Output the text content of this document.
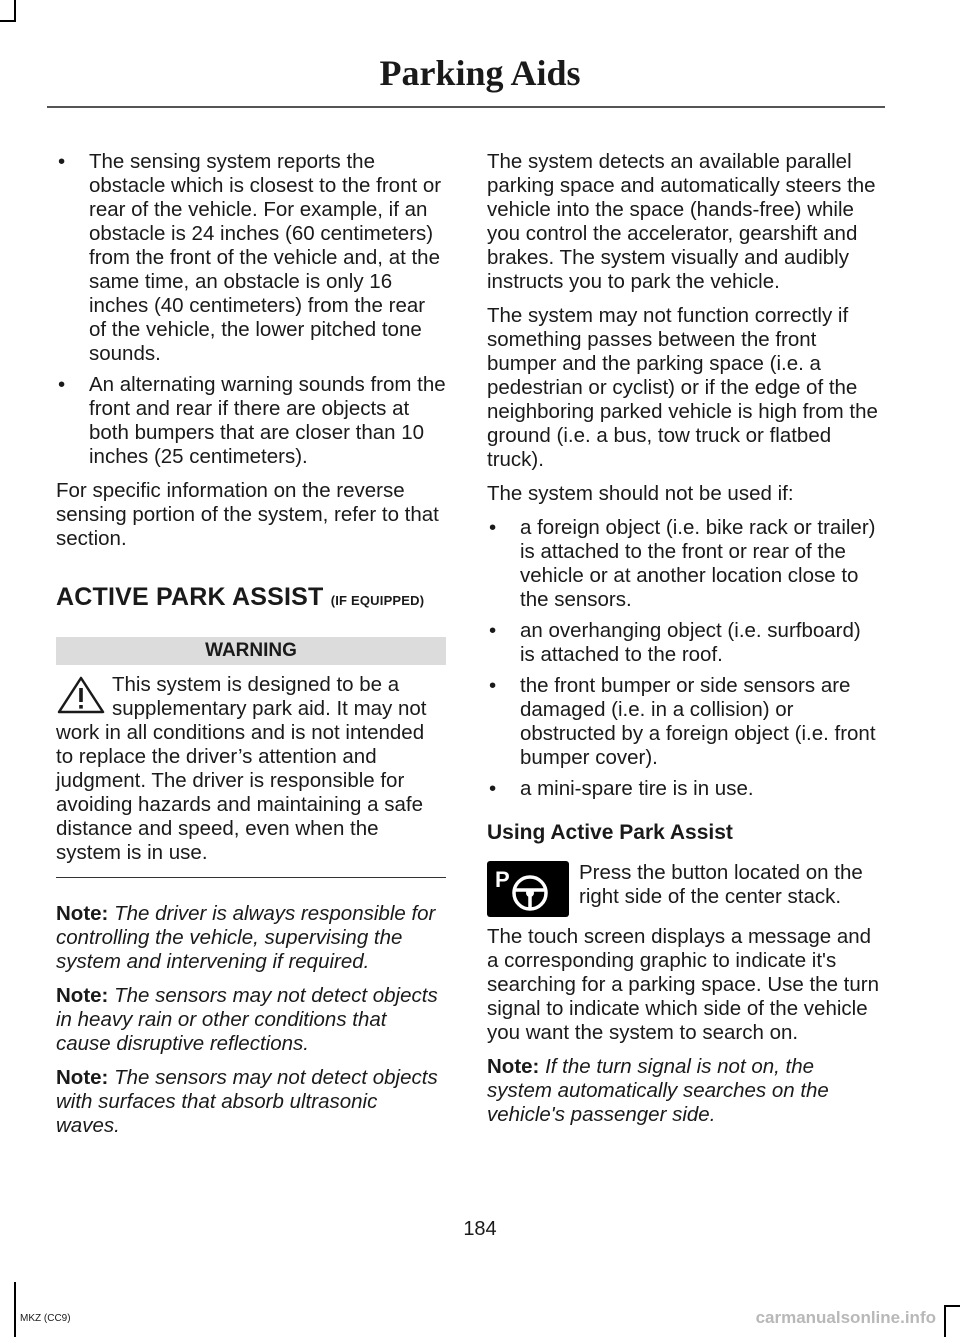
Parking Aids
• The sensing system reports the obstacle which is closest to the front or rear of the vehicle. For example, if an obstacle is 24 inches (60 centimeters) from the front of the vehicle and, at the same time, an obstacle is only 16 inches (40 centimeters) from the rear of the vehicle, the lower pitched tone sounds.
• An alternating warning sounds from the front and rear if there are objects at both bumpers that are closer than 10 inches (25 centimeters).

For specific information on the reverse sensing portion of the system, refer to that section.

ACTIVE PARK ASSIST (IF EQUIPPED)
WARNING
This system is designed to be a supplementary park aid. It may not work in all conditions and is not intended to replace the driver’s attention and judgment. The driver is responsible for avoiding hazards and maintaining a safe distance and speed, even when the system is in use.

Note: The driver is always responsible for controlling the vehicle, supervising the system and intervening if required.

Note: The sensors may not detect objects in heavy rain or other conditions that cause disruptive reflections.

Note: The sensors may not detect objects with surfaces that absorb ultrasonic waves.

The system detects an available parallel parking space and automatically steers the vehicle into the space (hands-free) while you control the accelerator, gearshift and brakes. The system visually and audibly instructs you to park the vehicle.

The system may not function correctly if something passes between the front bumper and the parking space (i.e. a pedestrian or cyclist) or if the edge of the neighboring parked vehicle is high from the ground (i.e. a bus, tow truck or flatbed truck).

The system should not be used if:

• a foreign object (i.e. bike rack or trailer) is attached to the front or rear of the vehicle or at another location close to the sensors.
• an overhanging object (i.e. surfboard) is attached to the roof.
• the front bumper or side sensors are damaged (i.e. in a collision) or obstructed by a foreign object (i.e. front bumper cover).
• a mini-spare tire is in use.
Using Active Park Assist
P	Press the button located on the right side of the center stack.

The touch screen displays a message and a corresponding graphic to indicate it's searching for a parking space. Use the turn signal to indicate which side of the vehicle you want the system to search on.

Note: If the turn signal is not on, the system automatically searches on the vehicle's passenger side.

184
MKZ (CC9)	carmanualsonline.info
